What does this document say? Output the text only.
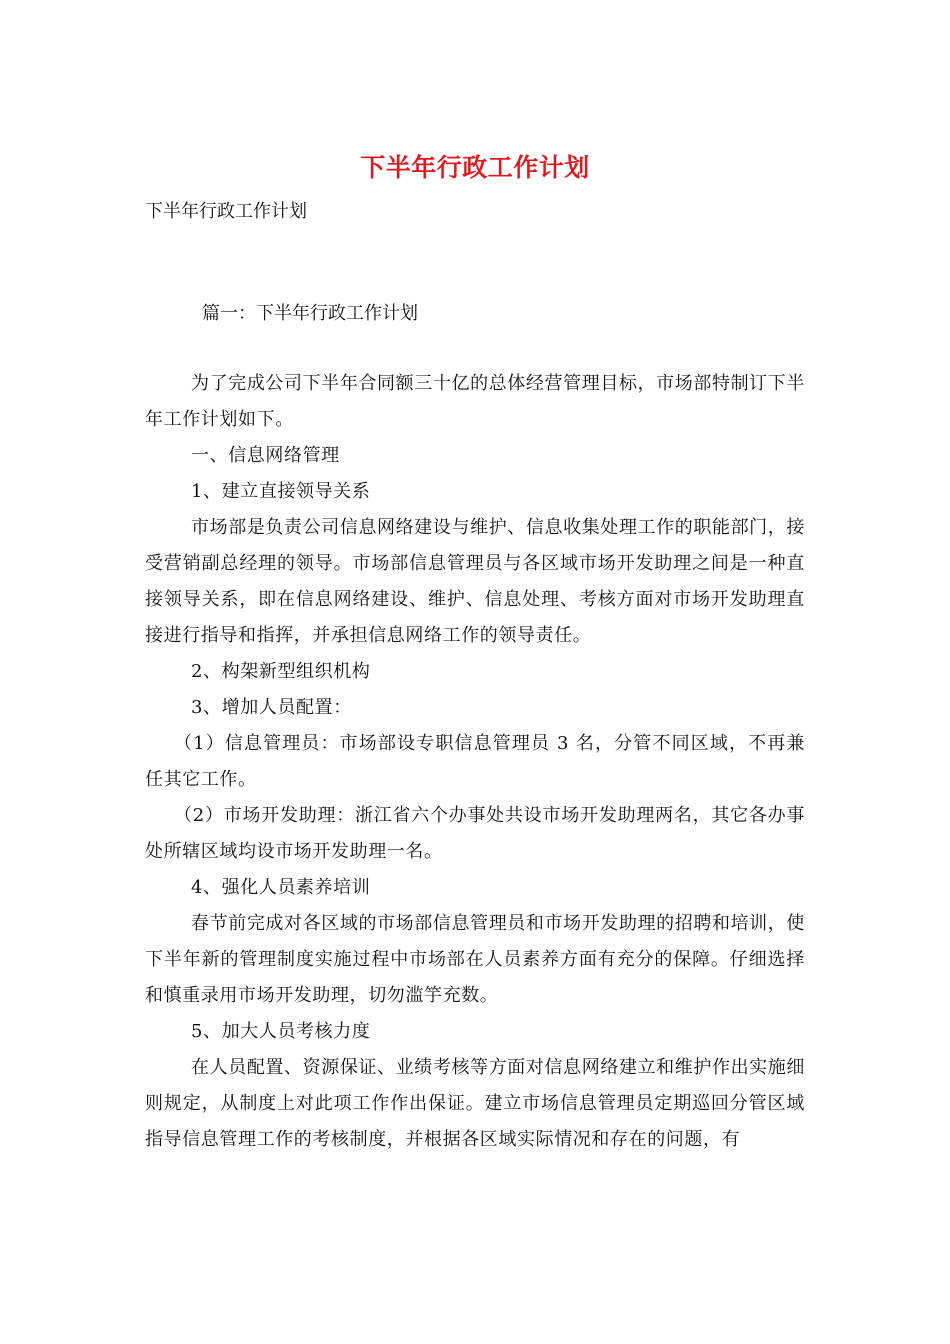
下半年行政工作计划
下半年行政工作计划
篇一：下半年行政工作计划

为了完成公司下半年合同额三十亿的总体经营管理目标，市场部特制订下半年工作计划如下。

一、信息网络管理

1、建立直接领导关系

市场部是负责公司信息网络建设与维护、信息收集处理工作的职能部门，接受营销副总经理的领导。市场部信息管理员与各区域市场开发助理之间是一种直接领导关系，即在信息网络建设、维护、信息处理、考核方面对市场开发助理直接进行指导和指挥，并承担信息网络工作的领导责任。

2、构架新型组织机构

3、增加人员配置：

（1）信息管理员：市场部设专职信息管理员 3 名，分管不同区域，不再兼任其它工作。

（2）市场开发助理：浙江省六个办事处共设市场开发助理两名，其它各办事处所辖区域均设市场开发助理一名。

4、强化人员素养培训

春节前完成对各区域的市场部信息管理员和市场开发助理的招聘和培训，使下半年新的管理制度实施过程中市场部在人员素养方面有充分的保障。仔细选择和慎重录用市场开发助理，切勿滥竽充数。

5、加大人员考核力度

在人员配置、资源保证、业绩考核等方面对信息网络建立和维护作出实施细则规定，从制度上对此项工作作出保证。建立市场信息管理员定期巡回分管区域指导信息管理工作的考核制度，并根据各区域实际情况和存在的问题，有
